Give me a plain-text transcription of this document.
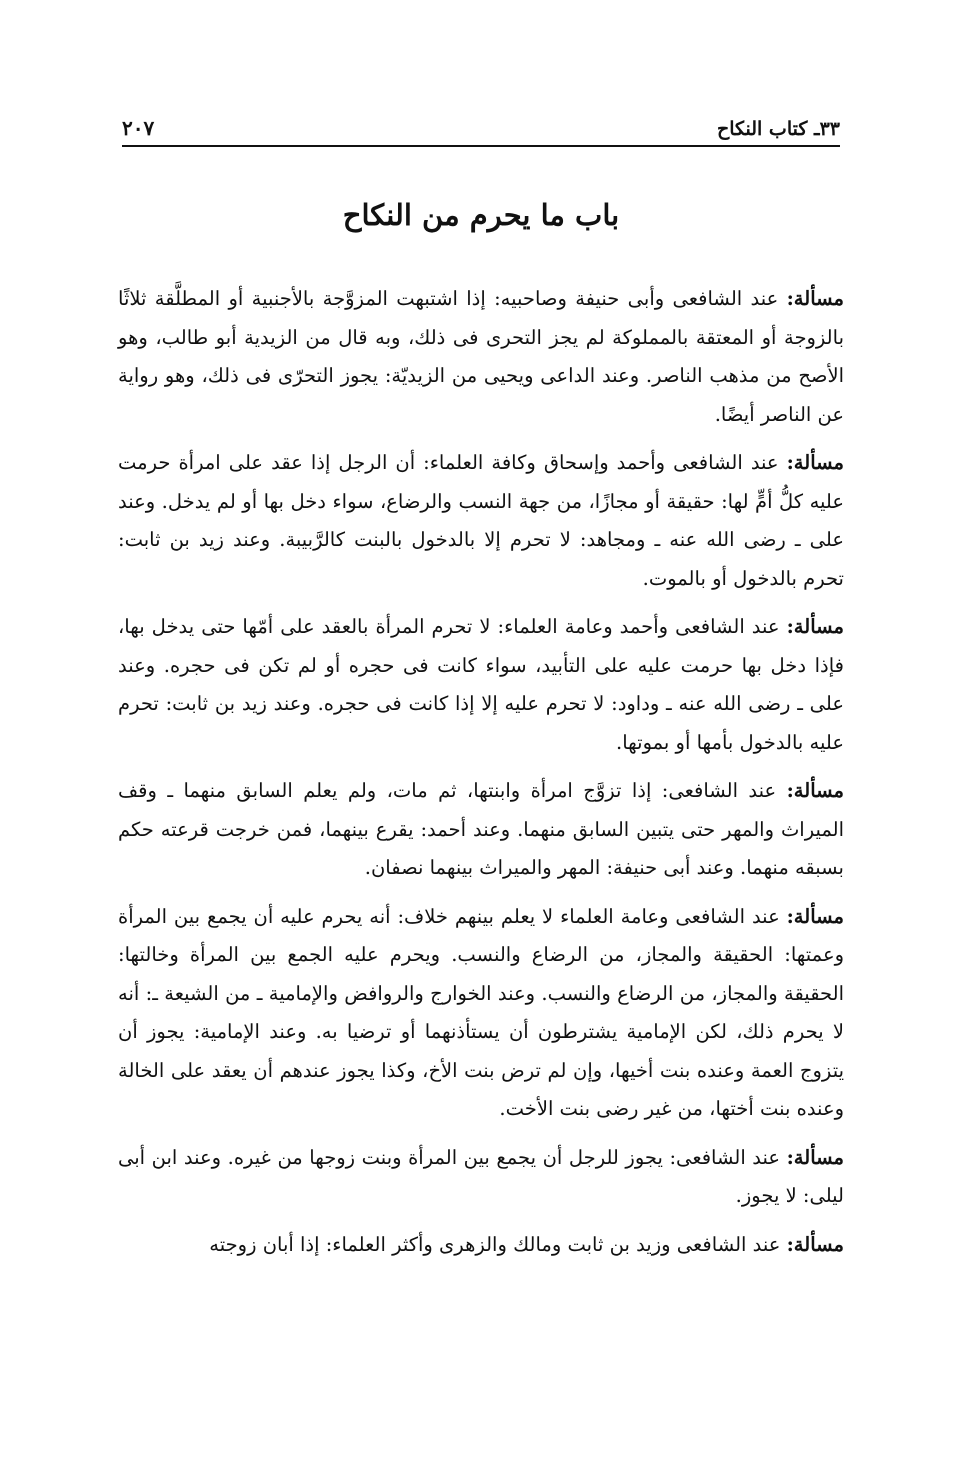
٣٣ـ كتاب النكاح
٢٠٧
باب ما يحرم من النكاح

مسألة: عند الشافعى وأبى حنيفة وصاحبيه: إذا اشتبهت المزوَّجة بالأجنبية أو المطلَّقة ثلاثًا بالزوجة أو المعتقة بالمملوكة لم يجز التحرى فى ذلك، وبه قال من الزيدية أبو طالب، وهو الأصح من مذهب الناصر. وعند الداعى ويحيى من الزيديّة: يجوز التحرّى فى ذلك، وهو رواية عن الناصر أيضًا.

مسألة: عند الشافعى وأحمد وإسحاق وكافة العلماء: أن الرجل إذا عقد على امرأة حرمت عليه كلُّ أمٍّ لها: حقيقة أو مجازًا، من جهة النسب والرضاع، سواء دخل بها أو لم يدخل. وعند على ـ رضى الله عنه ـ ومجاهد: لا تحرم إلا بالدخول بالبنت كالرَّبيبة. وعند زيد بن ثابت: تحرم بالدخول أو بالموت.

مسألة: عند الشافعى وأحمد وعامة العلماء: لا تحرم المرأة بالعقد على أمّها حتى يدخل بها، فإذا دخل بها حرمت عليه على التأبيد، سواء كانت فى حجره أو لم تكن فى حجره. وعند على ـ رضى الله عنه ـ وداود: لا تحرم عليه إلا إذا كانت فى حجره. وعند زيد بن ثابت: تحرم عليه بالدخول بأمها أو بموتها.

مسألة: عند الشافعى: إذا تزوَّج امرأة وابنتها، ثم مات، ولم يعلم السابق منهما ـ وقف الميراث والمهر حتى يتبين السابق منهما. وعند أحمد: يقرع بينهما، فمن خرجت قرعته حكم بسبقه منهما. وعند أبى حنيفة: المهر والميراث بينهما نصفان.

مسألة: عند الشافعى وعامة العلماء لا يعلم بينهم خلاف: أنه يحرم عليه أن يجمع بين المرأة وعمتها: الحقيقة والمجاز، من الرضاع والنسب. ويحرم عليه الجمع بين المرأة وخالتها: الحقيقة والمجاز، من الرضاع والنسب. وعند الخوارج والروافض والإمامية ـ من الشيعة ـ: أنه لا يحرم ذلك، لكن الإمامية يشترطون أن يستأذنهما أو ترضيا به. وعند الإمامية: يجوز أن يتزوج العمة وعنده بنت أخيها، وإن لم ترض بنت الأخ، وكذا يجوز عندهم أن يعقد على الخالة وعنده بنت أختها، من غير رضى بنت الأخت.

مسألة: عند الشافعى: يجوز للرجل أن يجمع بين المرأة وبنت زوجها من غيره. وعند ابن أبى ليلى: لا يجوز.

مسألة: عند الشافعى وزيد بن ثابت ومالك والزهرى وأكثر العلماء: إذا أبان زوجته
